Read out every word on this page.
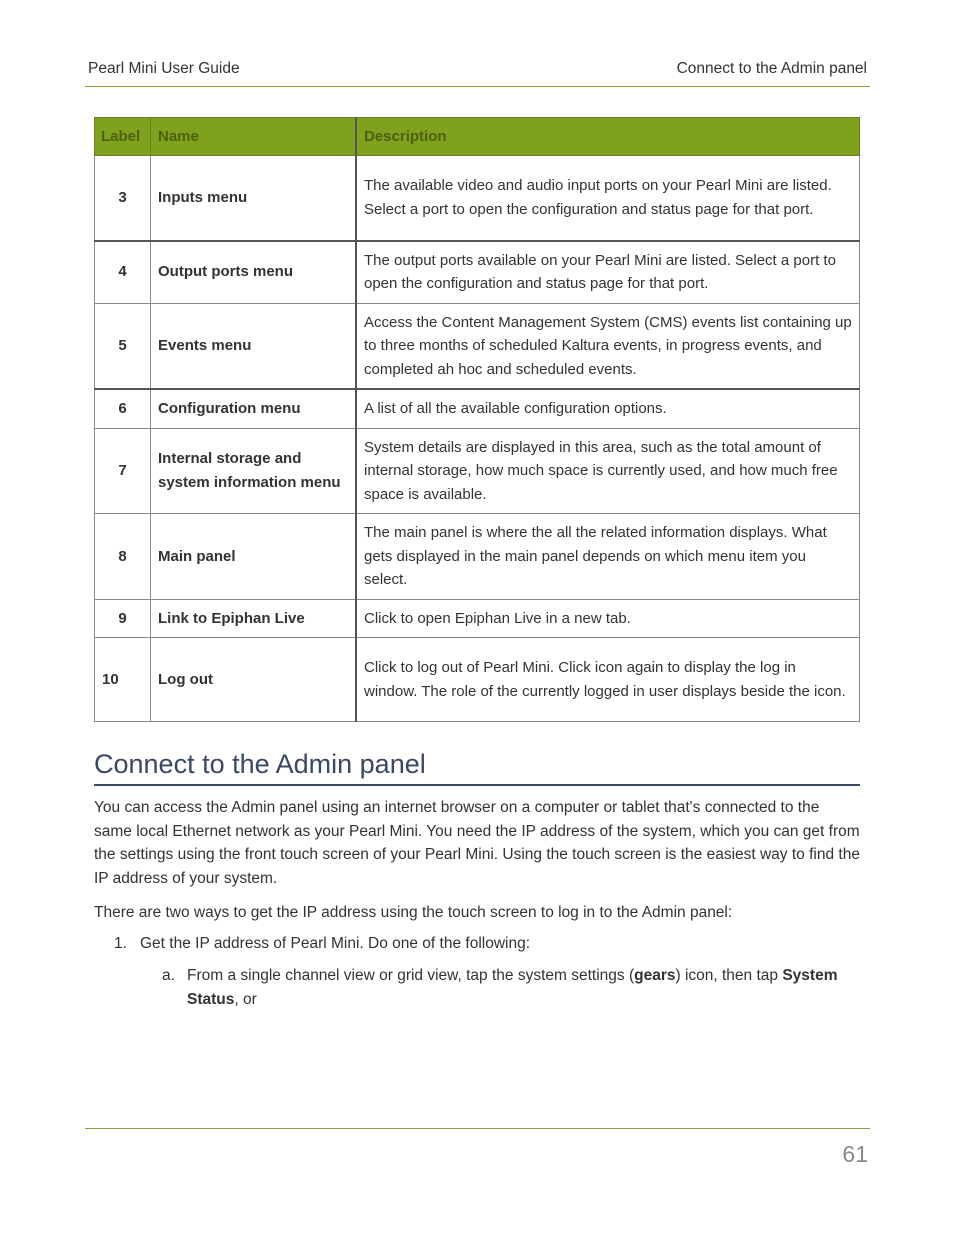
Pearl Mini User Guide	Connect to the Admin panel
Label	Name	Description
3	Inputs menu	The available video and audio input ports on your Pearl Mini are listed. Select a port to open the configuration and status page for that port.
4	Output ports menu	The output ports available on your Pearl Mini are listed. Select a port to open the configuration and status page for that port.
5	Events menu	Access the Content Management System (CMS) events list containing up to three months of scheduled Kaltura events, in progress events, and completed ah hoc and scheduled events.
6	Configuration menu	A list of all the available configuration options.
7	Internal storage and system information menu	System details are displayed in this area, such as the total amount of internal storage, how much space is currently used, and how much free space is available.
8	Main panel	The main panel is where the all the related information displays. What gets displayed in the main panel depends on which menu item you select.
9	Link to Epiphan Live	Click to open Epiphan Live in a new tab.
10	Log out	Click to log out of Pearl Mini. Click icon again to display the log in window. The role of the currently logged in user displays beside the icon.
Connect to the Admin panel

You can access the Admin panel using an internet browser on a computer or tablet that's connected to the same local Ethernet network as your Pearl Mini. You need the IP address of the system, which you can get from the settings using the front touch screen of your Pearl Mini. Using the touch screen is the easiest way to find the IP address of your system.

There are two ways to get the IP address using the touch screen to log in to the Admin panel:

1. Get the IP address of Pearl Mini. Do one of the following:
a. From a single channel view or grid view, tap the system settings (gears) icon, then tap System Status, or
61
